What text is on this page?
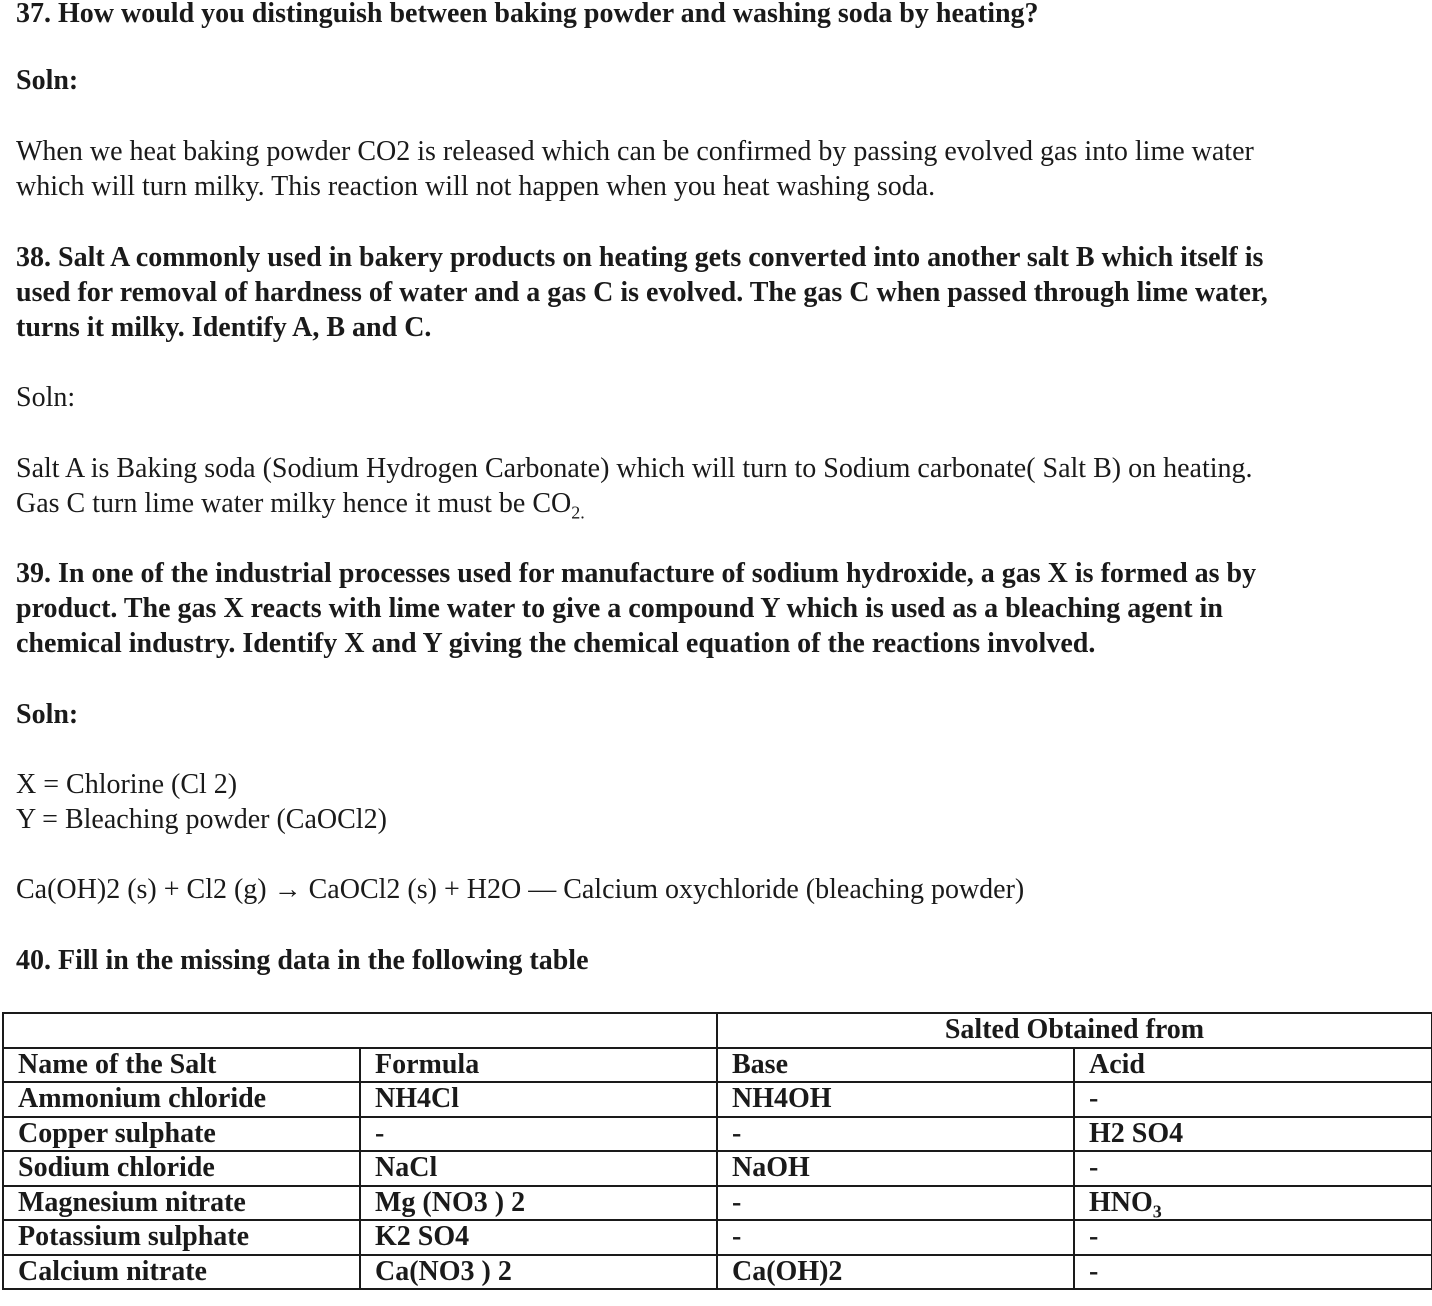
37. How would you distinguish between baking powder and washing soda by heating?

Soln:

When we heat baking powder CO2 is released which can be confirmed by passing evolved gas into lime water

which will turn milky. This reaction will not happen when you heat washing soda.

38. Salt A commonly used in bakery products on heating gets converted into another salt B which itself is

used for removal of hardness of water and a gas C is evolved. The gas C when passed through lime water,

turns it milky. Identify A, B and C.

Soln:

Salt A is Baking soda (Sodium Hydrogen Carbonate) which will turn to Sodium carbonate( Salt B) on heating.

Gas C turn lime water milky hence it must be $CO_{2.}$

39. In one of the industrial processes used for manufacture of sodium hydroxide, a gas X is formed as by

product. The gas X reacts with lime water to give a compound Y which is used as a bleaching agent in

chemical industry. Identify X and Y giving the chemical equation of the reactions involved.

Soln:

X = Chlorine (Cl 2)

Y = Bleaching powder (CaOCl2)

Ca(OH)2 (s) + Cl2 (g) → CaOCl2 (s) + H2O — Calcium oxychloride (bleaching powder)

40. Fill in the missing data in the following table

		Salted Obtained from	
Name of the Salt	Formula	Base	Acid
Ammonium chloride	NH4Cl	NH4OH	-
Copper sulphate	-	-	H2 SO4
Sodium chloride	NaCl	NaOH	-
Magnesium nitrate	Mg (NO3 ) 2	-	$HNO_3$
Potassium sulphate	K2 SO4	-	-
Calcium nitrate	Ca(NO3 ) 2	Ca(OH)2	-
